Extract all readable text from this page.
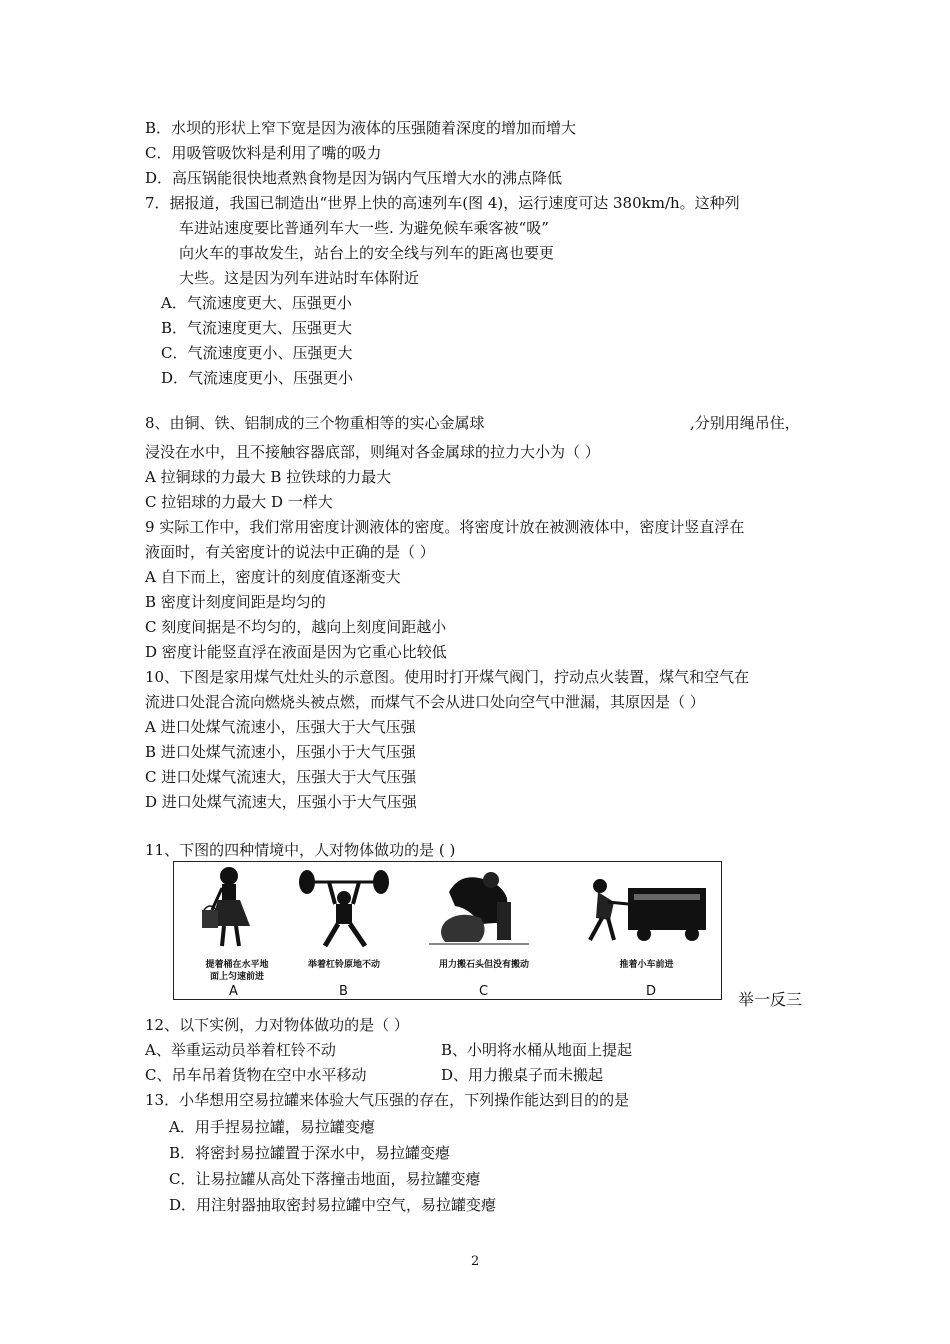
B．水坝的形状上窄下宽是因为液体的压强随着深度的增加而增大
C．用吸管吸饮料是利用了嘴的吸力
D．高压锅能很快地煮熟食物是因为锅内气压增大水的沸点降低
7．据报道，我国已制造出“世界上快的高速列车(图 4)，运行速度可达 380km/h。这种列
车进站速度要比普通列车大一些. 为避免候车乘客被“吸”
向火车的事故发生，站台上的安全线与列车的距离也要更
大些。这是因为列车进站时车体附近
A．气流速度更大、压强更小
B．气流速度更大、压强更大
C．气流速度更小、压强更大
D．气流速度更小、压强更小
8、由铜、铁、铝制成的三个物重相等的实心金属球	,分别用绳吊住，
浸没在水中，且不接触容器底部，则绳对各金属球的拉力大小为（ ）
A 拉铜球的力最大 B 拉铁球的力最大
C 拉铝球的力最大 D 一样大
9 实际工作中，我们常用密度计测液体的密度。将密度计放在被测液体中，密度计竖直浮在
液面时，有关密度计的说法中正确的是（ ）
A 自下而上，密度计的刻度值逐渐变大
B 密度计刻度间距是均匀的
C 刻度间据是不均匀的，越向上刻度间距越小
D 密度计能竖直浮在液面是因为它重心比较低
10、下图是家用煤气灶灶头的示意图。使用时打开煤气阀门，拧动点火装置，煤气和空气在
流进口处混合流向燃烧头被点燃，而煤气不会从进口处向空气中泄漏，其原因是（ ）
A 进口处煤气流速小，压强大于大气压强
B 进口处煤气流速小，压强小于大气压强
C 进口处煤气流速大，压强大于大气压强
D 进口处煤气流速大，压强小于大气压强
11、下图的四种情境中，人对物体做功的是 ( )
提着桶在水平地
面上匀速前进
A
举着杠铃原地不动
B
用力搬石头但没有搬动
C
推着小车前进
D	举一反三
12、以下实例，力对物体做功的是（ ）
A、举重运动员举着杠铃不动	B、小明将水桶从地面上提起
C、吊车吊着货物在空中水平移动	D、用力搬桌子而未搬起
13．小华想用空易拉罐来体验大气压强的存在，下列操作能达到目的的是
A．用手捏易拉罐，易拉罐变瘪
B．将密封易拉罐置于深水中，易拉罐变瘪
C．让易拉罐从高处下落撞击地面，易拉罐变瘪
D．用注射器抽取密封易拉罐中空气，易拉罐变瘪
2
